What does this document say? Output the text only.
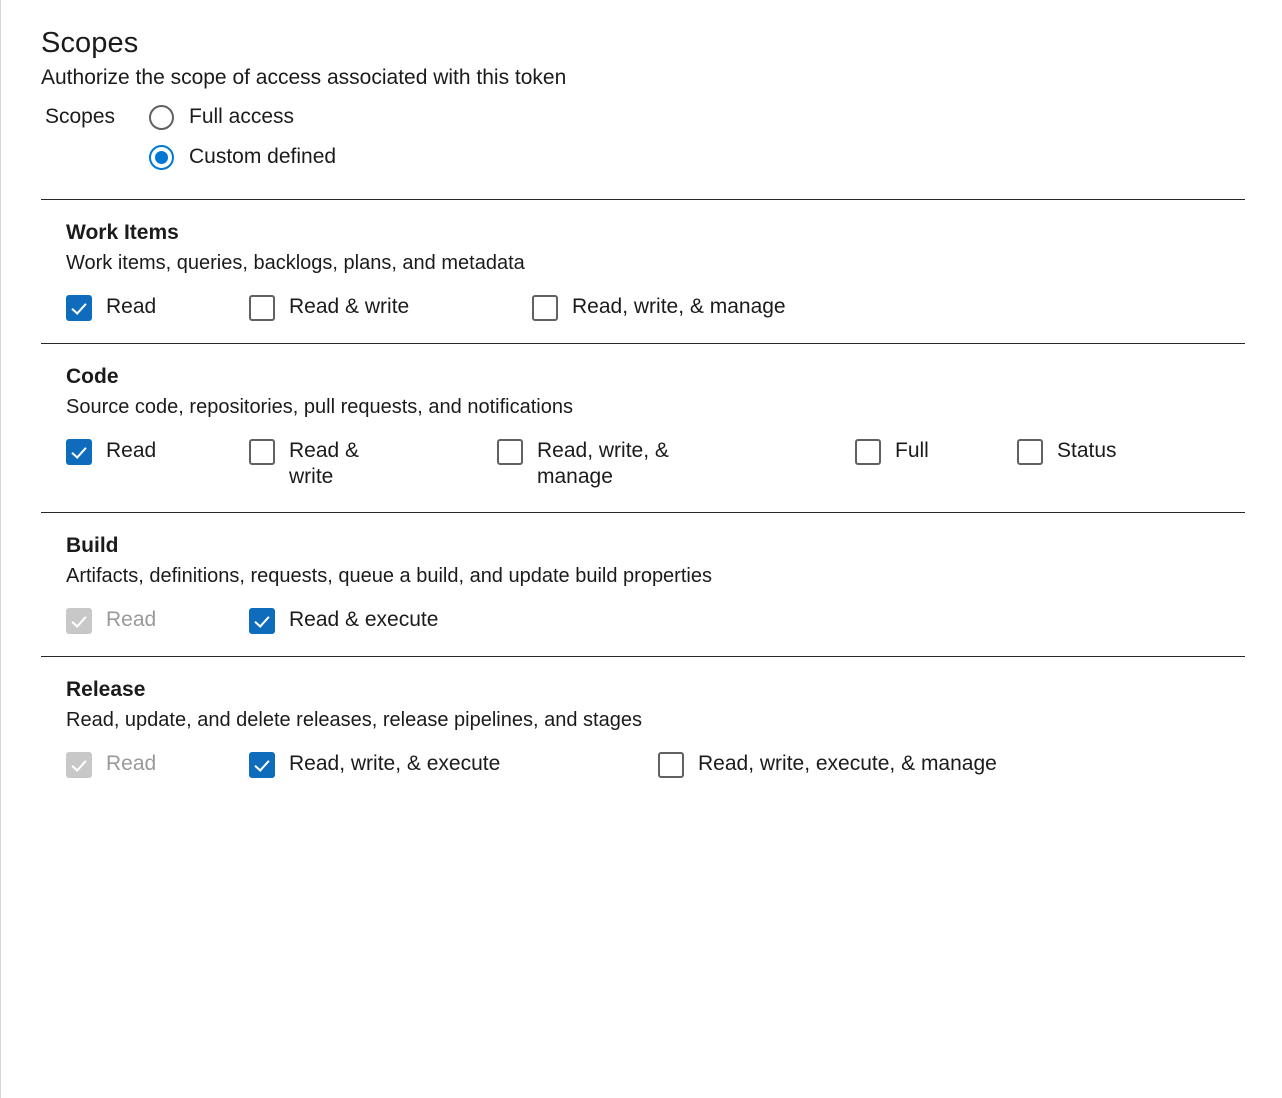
Scopes
Authorize the scope of access associated with this token
Scopes	Full access
Custom defined
Work Items
Work items, queries, backlogs, plans, and metadata
Read	Read & write	Read, write, & manage
Code
Source code, repositories, pull requests, and notifications
Read	Read & write
Read, write, & manage
Full	Status
Build
Artifacts, definitions, requests, queue a build, and update build properties
Read	Read & execute
Release
Read, update, and delete releases, release pipelines, and stages
Read	Read, write, & execute	Read, write, execute, & manage
